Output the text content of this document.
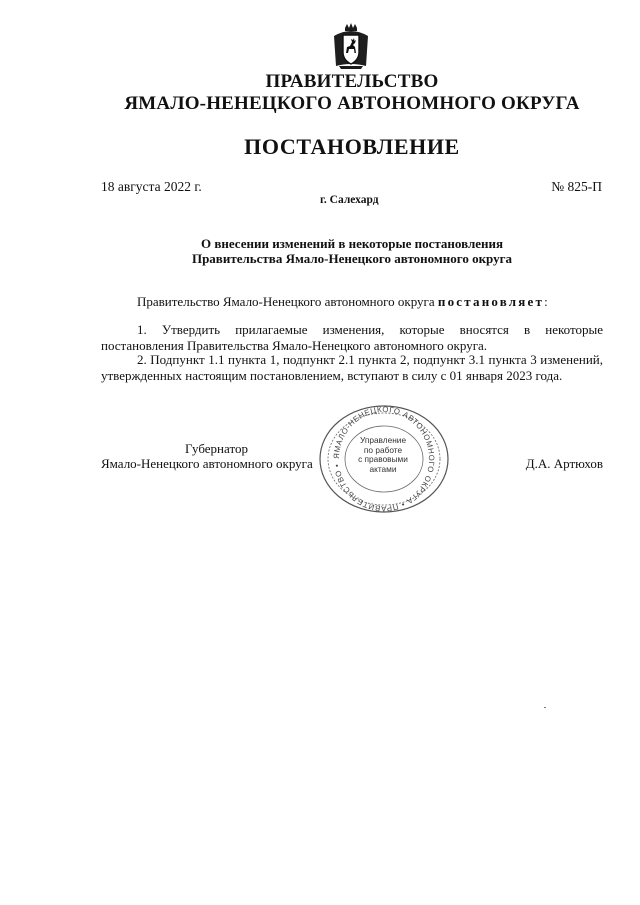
ПРАВИТЕЛЬСТВО
ЯМАЛО-НЕНЕЦКОГО АВТОНОМНОГО ОКРУГА
ПОСТАНОВЛЕНИЕ
18 августа 2022 г.	№ 825-П
г. Салехард
О внесении изменений в некоторые постановления
Правительства Ямало-Ненецкого автономного округа
Правительство Ямало-Ненецкого автономного округа постановляет:
1. Утвердить прилагаемые изменения, которые вносятся в некоторые постановления Правительства Ямало-Ненецкого автономного округа.
2. Подпункт 1.1 пункта 1, подпункт 2.1 пункта 2, подпункт 3.1 пункта 3 изменений, утвержденных настоящим постановлением, вступают в силу с 01 января 2023 года.
Губернатор
Ямало-Ненецкого автономного округа	Д.А. Артюхов
ЯМАЛО-НЕНЕЦКОГО АВТОНОМНОГО ОКРУГА • ПРАВИТЕЛЬСТВО •
Управление
по работе
с правовыми
актами
